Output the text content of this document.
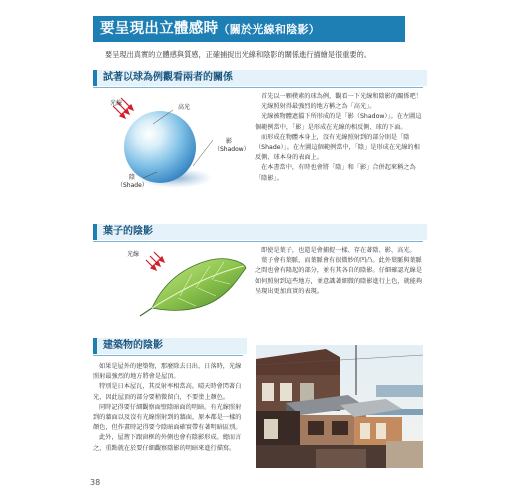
要呈現出立體感時（關於光線和陰影）
要呈現出真實的立體感與質感，正確捕捉出光線和陰影的關係進行描繪是很重要的。
試著以球為例觀看兩者的關係
光線
高光
影
（Shadow）
陰
（Shade）

首先以一顆樸素的球為例，觀看一下光線和陰影的關係吧！

光線照射得最強烈的地方稱之為「高光」。

光線被物體遮擋下所形成的是「影（Shadow）」。在左圖這個範例當中，「影」是形成在光線的相反側、球的下面。

而形成在物體本身上，沒有光線照射到的部分則是「陰（Shade）」。在左圖這個範例當中，「陰」是形成在光線的相反側、球本身的表面上。

在本書當中，有時也會將「陰」和「影」合併起來稱之為「陰影」。

葉子的陰影
光線

即使是葉子，也還是會捕捉一樣、存在著陰、影、高光。

葉子會有葉脈，而葉脈會有很微妙的凹凸。此外葉脈與葉脈之間也會有隆起的部分，並有其各自的陰影。仔細確認光線是如何照射到這些地方，並意識著細微的陰影進行上色，就能夠呈現出更加真實的表現。

建築物的陰影

如果是屋外的建築物，那麼除去日出、日落時，光線照射最強烈的地方將會是屋頂。

特別是日本屋瓦，其反射率相當高。晴天時會閃著白光，因此屋頂的部分要稍微留白，不要塗上顏色。

同時記得要仔細觀察面壁陰暗面的明暗。有光線照射到的牆面以及沒有光線照射到的牆面，原本都是一樣的顏色，但作畫時記得要令陰暗面確實帶有著明暗區別。

此外，屋簷下跟窗框的外側也會有陰影形成。總而言之，重點就在於要仔細觀察陰影的明暗來進行描寫。

38
